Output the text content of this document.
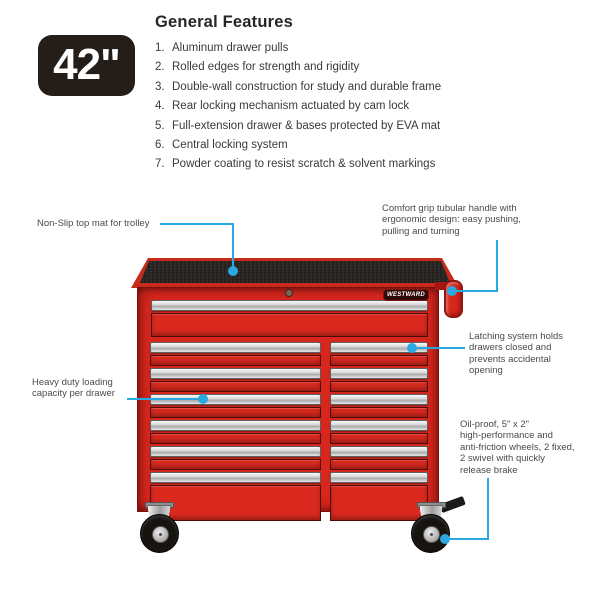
42"
General Features
1. Aluminum drawer pulls
2. Rolled edges for strength and rigidity
3. Double-wall construction for study and durable frame
4. Rear locking mechanism actuated by cam lock
5. Full-extension drawer & bases protected by EVA mat
6. Central locking system
7. Powder coating to resist scratch & solvent markings
WESTWARD
Non-Slip top mat for trolley
Comfort grip tubular handle with
ergonomic design: easy pushing,
pulling and turning
Latching system holds
drawers closed and
prevents accidental
opening
Heavy duty loading
capacity per drawer
Oil-proof, 5" x 2"
high-performance and
anti-friction wheels, 2 fixed,
2 swivel with quickly
release brake
